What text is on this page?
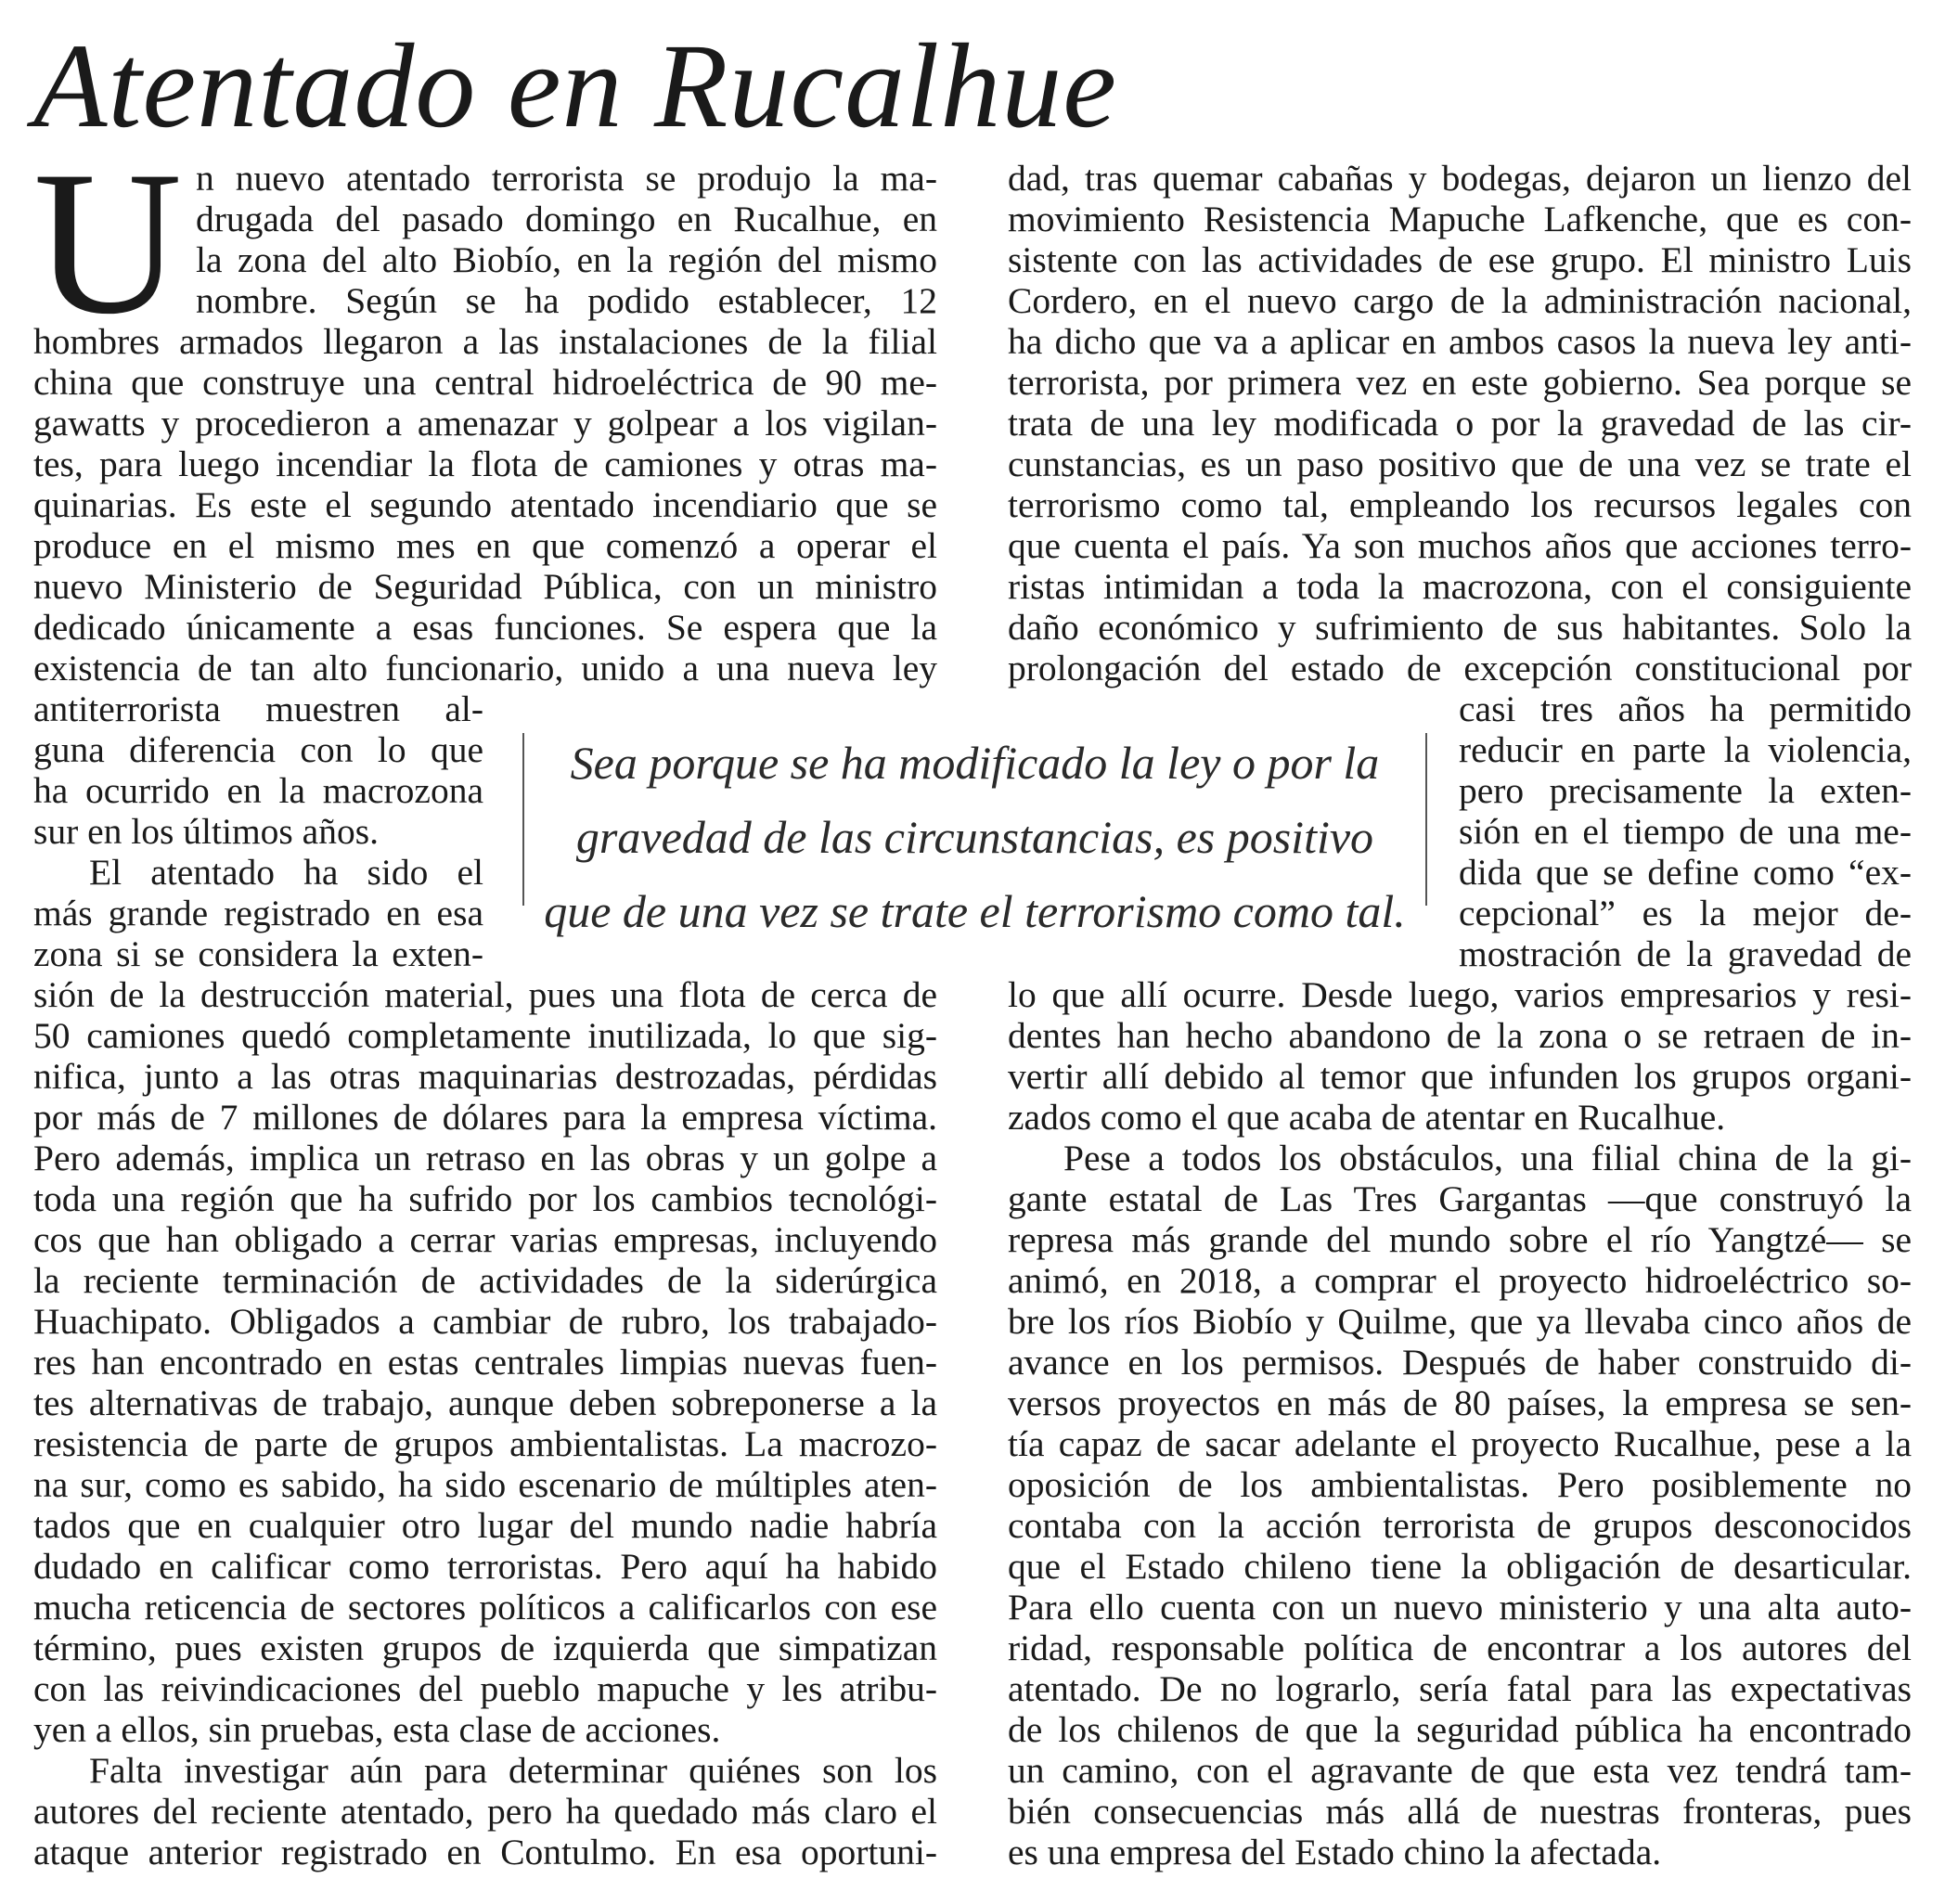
Atentado en Rucalhue
U n nuevo atentado terrorista se produjo la ma-
drugada del pasado domingo en Rucalhue, en
la zona del alto Biobío, en la región del mismo
nombre. Según se ha podido establecer, 12
hombres armados llegaron a las instalaciones de la filial
china que construye una central hidroeléctrica de 90 me-
gawatts y procedieron a amenazar y golpear a los vigilan-
tes, para luego incendiar la flota de camiones y otras ma-
quinarias. Es este el segundo atentado incendiario que se
produce en el mismo mes en que comenzó a operar el
nuevo Ministerio de Seguridad Pública, con un ministro
dedicado únicamente a esas funciones. Se espera que la
existencia de tan alto funcionario, unido a una nueva ley
antiterrorista muestren al-
guna diferencia con lo que
ha ocurrido en la macrozona
sur en los últimos años.
El atentado ha sido el
más grande registrado en esa
zona si se considera la exten-
sión de la destrucción material, pues una flota de cerca de
50 camiones quedó completamente inutilizada, lo que sig-
nifica, junto a las otras maquinarias destrozadas, pérdidas
por más de 7 millones de dólares para la empresa víctima.
Pero además, implica un retraso en las obras y un golpe a
toda una región que ha sufrido por los cambios tecnológi-
cos que han obligado a cerrar varias empresas, incluyendo
la reciente terminación de actividades de la siderúrgica
Huachipato. Obligados a cambiar de rubro, los trabajado-
res han encontrado en estas centrales limpias nuevas fuen-
tes alternativas de trabajo, aunque deben sobreponerse a la
resistencia de parte de grupos ambientalistas. La macrozo-
na sur, como es sabido, ha sido escenario de múltiples aten-
tados que en cualquier otro lugar del mundo nadie habría
dudado en calificar como terroristas. Pero aquí ha habido
mucha reticencia de sectores políticos a calificarlos con ese
término, pues existen grupos de izquierda que simpatizan
con las reivindicaciones del pueblo mapuche y les atribu-
yen a ellos, sin pruebas, esta clase de acciones.
Falta investigar aún para determinar quiénes son los
autores del reciente atentado, pero ha quedado más claro el
ataque anterior registrado en Contulmo. En esa oportuni-
dad, tras quemar cabañas y bodegas, dejaron un lienzo del
movimiento Resistencia Mapuche Lafkenche, que es con-
sistente con las actividades de ese grupo. El ministro Luis
Cordero, en el nuevo cargo de la administración nacional,
ha dicho que va a aplicar en ambos casos la nueva ley anti-
terrorista, por primera vez en este gobierno. Sea porque se
trata de una ley modificada o por la gravedad de las cir-
cunstancias, es un paso positivo que de una vez se trate el
terrorismo como tal, empleando los recursos legales con
que cuenta el país. Ya son muchos años que acciones terro-
ristas intimidan a toda la macrozona, con el consiguiente
daño económico y sufrimiento de sus habitantes. Solo la
prolongación del estado de excepción constitucional por
casi tres años ha permitido
reducir en parte la violencia,
pero precisamente la exten-
sión en el tiempo de una me-
dida que se define como “ex-
cepcional” es la mejor de-
mostración de la gravedad de
lo que allí ocurre. Desde luego, varios empresarios y resi-
dentes han hecho abandono de la zona o se retraen de in-
vertir allí debido al temor que infunden los grupos organi-
zados como el que acaba de atentar en Rucalhue.
Pese a todos los obstáculos, una filial china de la gi-
gante estatal de Las Tres Gargantas —que construyó la
represa más grande del mundo sobre el río Yangtzé— se
animó, en 2018, a comprar el proyecto hidroeléctrico so-
bre los ríos Biobío y Quilme, que ya llevaba cinco años de
avance en los permisos. Después de haber construido di-
versos proyectos en más de 80 países, la empresa se sen-
tía capaz de sacar adelante el proyecto Rucalhue, pese a la
oposición de los ambientalistas. Pero posiblemente no
contaba con la acción terrorista de grupos desconocidos
que el Estado chileno tiene la obligación de desarticular.
Para ello cuenta con un nuevo ministerio y una alta auto-
ridad, responsable política de encontrar a los autores del
atentado. De no lograrlo, sería fatal para las expectativas
de los chilenos de que la seguridad pública ha encontrado
un camino, con el agravante de que esta vez tendrá tam-
bién consecuencias más allá de nuestras fronteras, pues
es una empresa del Estado chino la afectada.
Sea porque se ha modificado la ley o por la
gravedad de las circunstancias, es positivo
que de una vez se trate el terrorismo como tal.
